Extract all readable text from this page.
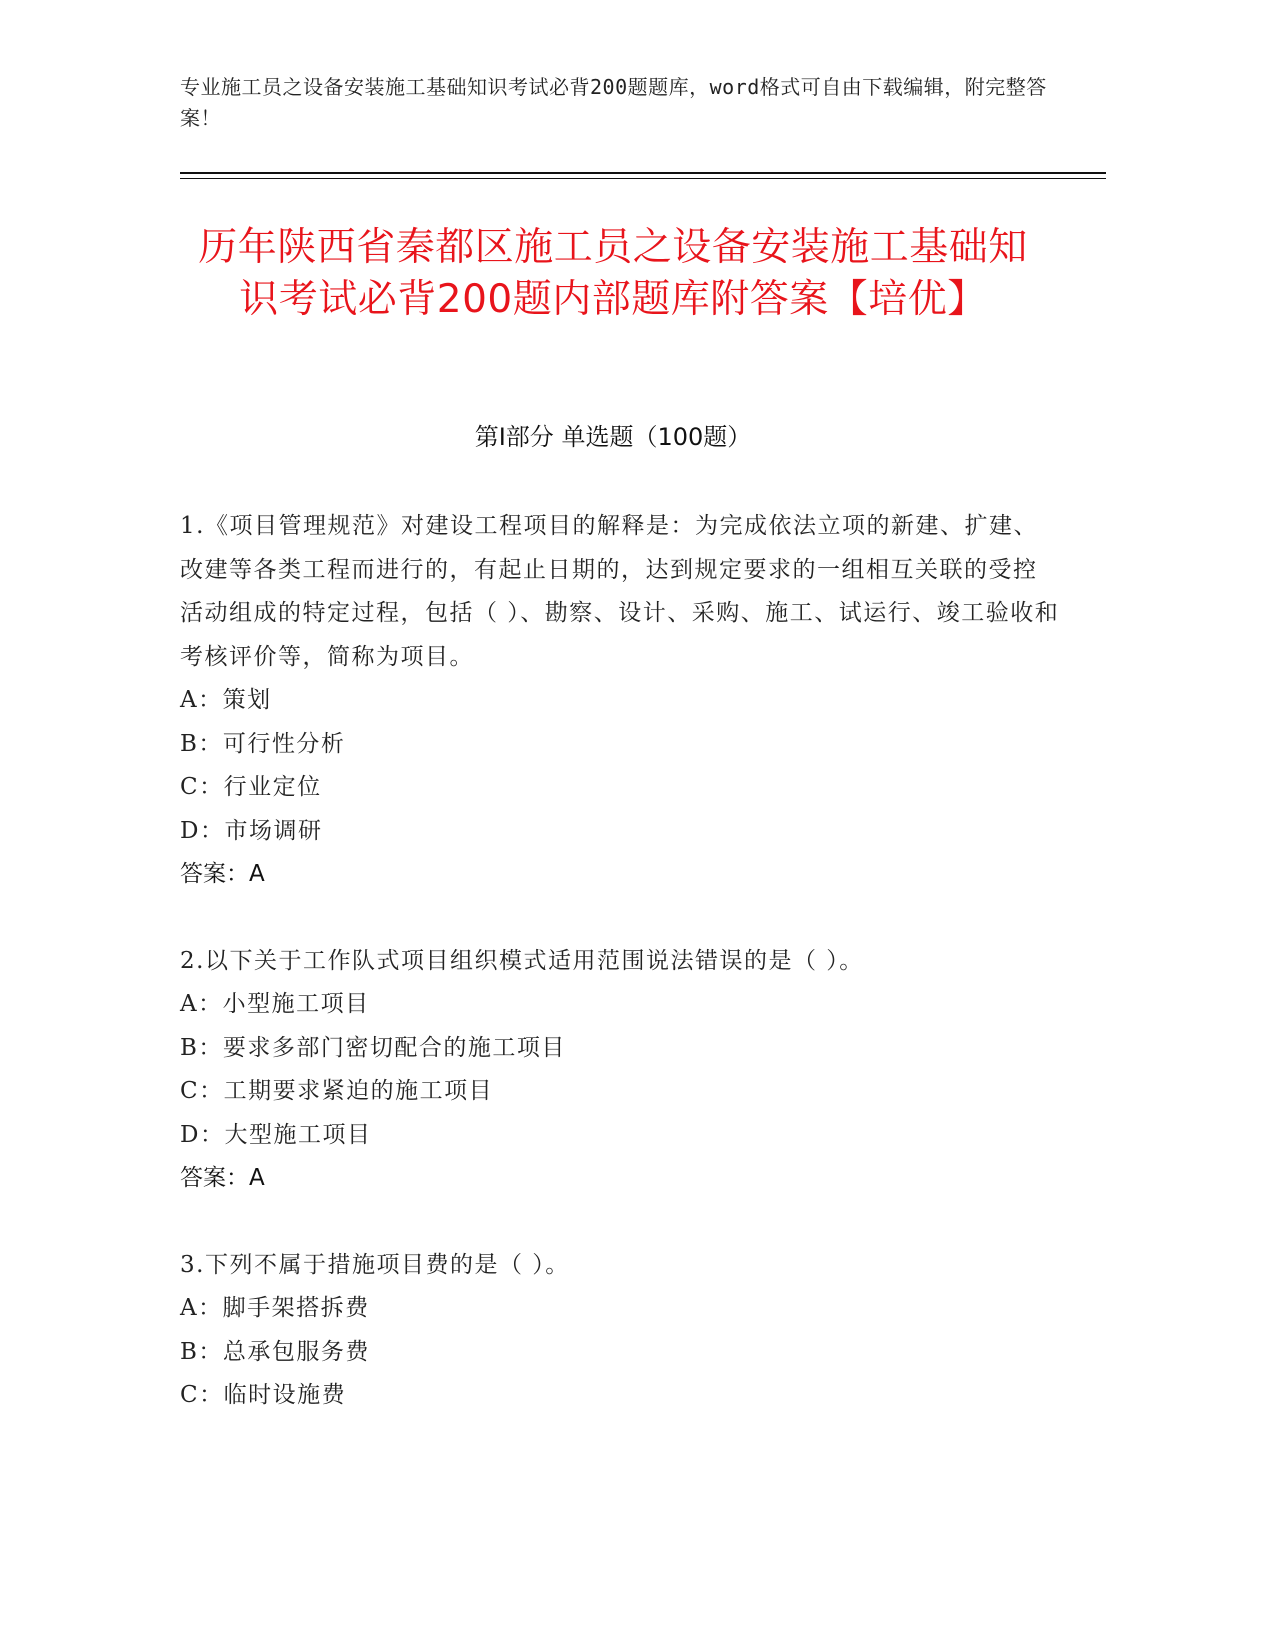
专业施工员之设备安装施工基础知识考试必背200题题库，word格式可自由下载编辑，附完整答案！
历年陕西省秦都区施工员之设备安装施工基础知识考试必背200题内部题库附答案【培优】
第I部分 单选题（100题）
1.《项目管理规范》对建设工程项目的解释是：为完成依法立项的新建、扩建、改建等各类工程而进行的，有起止日期的，达到规定要求的一组相互关联的受控活动组成的特定过程，包括（ ）、勘察、设计、采购、施工、试运行、竣工验收和考核评价等，简称为项目。
A：策划
B：可行性分析
C：行业定位
D：市场调研
答案：A
2.以下关于工作队式项目组织模式适用范围说法错误的是（ ）。
A：小型施工项目
B：要求多部门密切配合的施工项目
C：工期要求紧迫的施工项目
D：大型施工项目
答案：A
3.下列不属于措施项目费的是（ ）。
A：脚手架搭拆费
B：总承包服务费
C：临时设施费
